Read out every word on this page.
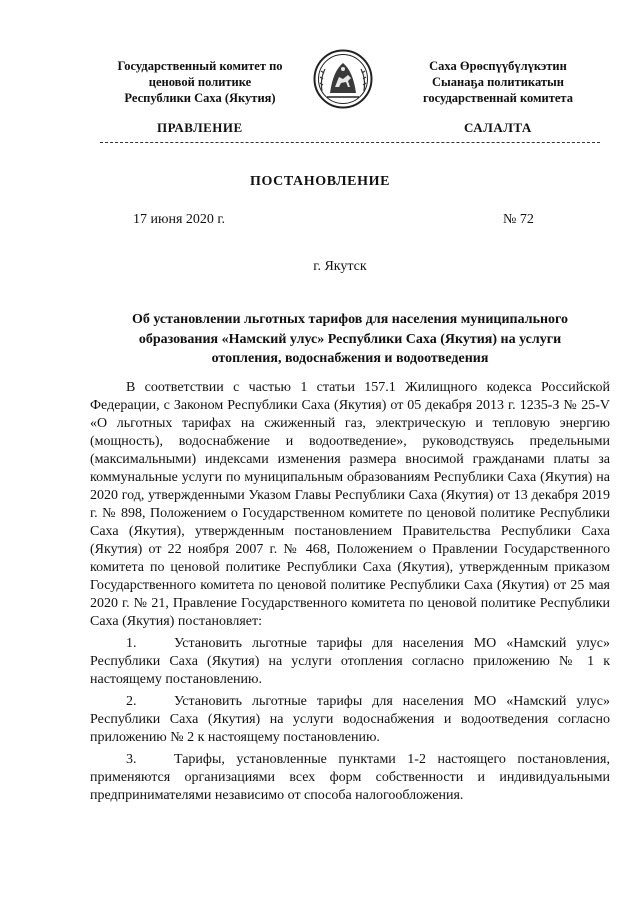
Государственный комитет по
ценовой политике
Республики Саха (Якутия)
Саха Өрөспүүбүлүкэтин
Сыанаҕа политикатын
государственнай комитета
ПРАВЛЕНИЕ	САЛАЛТА
ПОСТАНОВЛЕНИЕ
17 июня 2020 г.	№ 72
г. Якутск
Об установлении льготных тарифов для населения муниципального
образования «Намский улус» Республики Саха (Якутия) на услуги
отопления, водоснабжения и водоотведения

В соответствии с частью 1 статьи 157.1 Жилищного кодекса Российской Федерации, с Законом Республики Саха (Якутия) от 05 декабря 2013 г. 1235-З № 25-V «О льготных тарифах на сжиженный газ, электрическую и тепловую энергию (мощность), водоснабжение и водоотведение», руководствуясь предельными (максимальными) индексами изменения размера вносимой гражданами платы за коммунальные услуги по муниципальным образованиям Республики Саха (Якутия) на 2020 год, утвержденными Указом Главы Республики Саха (Якутия) от 13 декабря 2019 г. № 898, Положением о Государственном комитете по ценовой политике Республики Саха (Якутия), утвержденным постановлением Правительства Республики Саха (Якутия) от 22 ноября 2007 г. № 468, Положением о Правлении Государственного комитета по ценовой политике Республики Саха (Якутия), утвержденным приказом Государственного комитета по ценовой политике Республики Саха (Якутия) от 25 мая 2020 г. № 21, Правление Государственного комитета по ценовой политике Республики Саха (Якутия) постановляет:

1.	Установить льготные тарифы для населения МО «Намский улус» Республики Саха (Якутия) на услуги отопления согласно приложению № 1 к настоящему постановлению.

2.	Установить льготные тарифы для населения МО «Намский улус» Республики Саха (Якутия) на услуги водоснабжения и водоотведения согласно приложению № 2 к настоящему постановлению.

3.	Тарифы, установленные пунктами 1-2 настоящего постановления, применяются организациями всех форм собственности и индивидуальными предпринимателями независимо от способа налогообложения.
